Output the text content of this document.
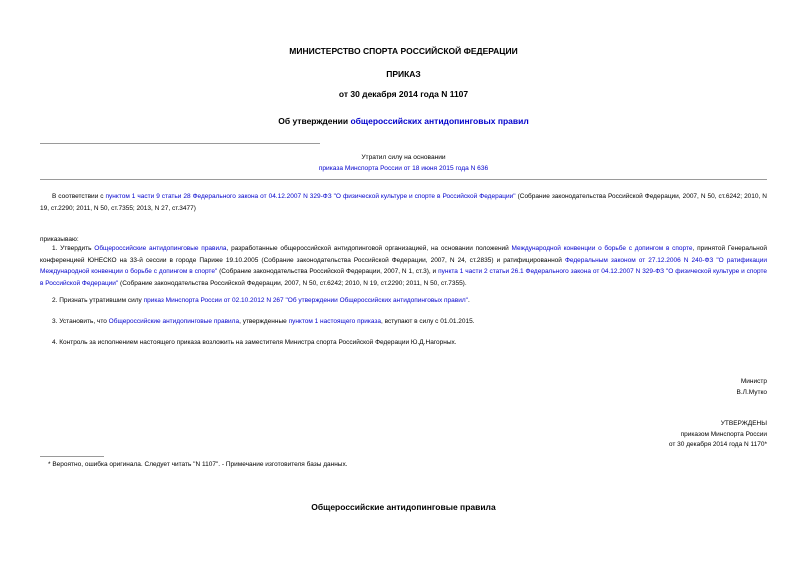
МИНИСТЕРСТВО СПОРТА РОССИЙСКОЙ ФЕДЕРАЦИИ
ПРИКАЗ
от 30 декабря 2014 года N 1107
Об утверждении общероссийских антидопинговых правил
Утратил силу на основании
приказа Минспорта России от 18 июня 2015 года N 636
В соответствии с пунктом 1 части 9 статьи 28 Федерального закона от 04.12.2007 N 329-ФЗ "О физической культуре и спорте в Российской Федерации" (Собрание законодательства Российской Федерации, 2007, N 50, ст.6242; 2010, N 19, ст.2290; 2011, N 50, ст.7355; 2013, N 27, ст.3477)
приказываю:
1. Утвердить Общероссийские антидопинговые правила, разработанные общероссийской антидопинговой организацией, на основании положений Международной конвенции о борьбе с допингом в спорте, принятой Генеральной конференцией ЮНЕСКО на 33-й сессии в городе Париже 19.10.2005 (Собрание законодательства Российской Федерации, 2007, N 24, ст.2835) и ратифицированной Федеральным законом от 27.12.2006 N 240-ФЗ "О ратификации Международной конвенции о борьбе с допингом в спорте" (Собрание законодательства Российской Федерации, 2007, N 1, ст.3), и пункта 1 части 2 статьи 26.1 Федерального закона от 04.12.2007 N 329-ФЗ "О физической культуре и спорте в Российской Федерации" (Собрание законодательства Российской Федерации, 2007, N 50, ст.6242; 2010, N 19, ст.2290; 2011, N 50, ст.7355).
2. Признать утратившим силу приказ Минспорта России от 02.10.2012 N 267 "Об утверждении Общероссийских антидопинговых правил".
3. Установить, что Общероссийские антидопинговые правила, утвержденные пунктом 1 настоящего приказа, вступают в силу с 01.01.2015.
4. Контроль за исполнением настоящего приказа возложить на заместителя Министра спорта Российской Федерации Ю.Д.Нагорных.
Министр
В.Л.Мутко
УТВЕРЖДЕНЫ
приказом Минспорта России
от 30 декабря 2014 года N 1170*
* Вероятно, ошибка оригинала. Следует читать "N 1107". - Примечание изготовителя базы данных.
Общероссийские антидопинговые правила
